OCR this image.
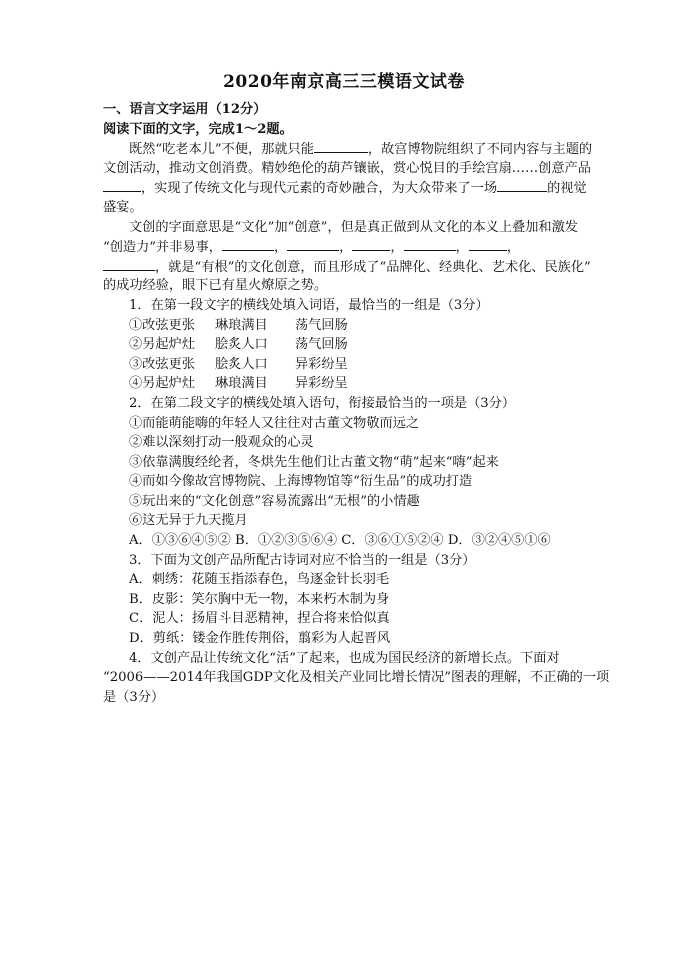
2020年南京高三三模语文试卷
一、语言文字运用（12分）
阅读下面的文字，完成1～2题。
既然“吃老本儿”不便，那就只能	，故宫博物院组织了不同内容与主题的
文创活动，推动文创消费。精妙绝伦的葫芦镶嵌，赏心悦目的手绘宫扇……创意产品
，实现了传统文化与现代元素的奇妙融合，为大众带来了一场	的视觉
盛宴。
文创的字面意思是“文化”加“创意”，但是真正做到从文化的本义上叠加和激发
“创造力”并非易事，	，	，	，	，	，
，就是“有根”的文化创意，而且形成了“品牌化、经典化、艺术化、民族化”
的成功经验，眼下已有星火燎原之势。
1．在第一段文字的横线处填入词语，最恰当的一组是（3分）
①改弦更张 琳琅满目 荡气回肠
②另起炉灶 脍炙人口 荡气回肠
③改弦更张 脍炙人口 异彩纷呈
④另起炉灶 琳琅满目 异彩纷呈
2．在第二段文字的横线处填入语句，衔接最恰当的一项是（3分）
①而能萌能嗨的年轻人又往往对古董文物敬而远之
②难以深刻打动一般观众的心灵
③依靠满腹经纶者，冬烘先生他们让古董文物“萌”起来“嗨”起来
④而如今像故宫博物院、上海博物馆等“衍生品”的成功打造
⑤玩出来的“文化创意”容易流露出“无根”的小情趣
⑥这无异于九天揽月
A．①③⑥④⑤② B．①②③⑤⑥④ C．③⑥①⑤②④ D．③②④⑤①⑥
3．下面为文创产品所配古诗词对应不恰当的一组是（3分）
A．刺绣：花随玉指添春色，鸟逐金针长羽毛
B．皮影：笑尔胸中无一物，本来朽木制为身
C．泥人：扬眉斗目恶精神，捏合将来恰似真
D．剪纸：镂金作胜传荆俗，翦彩为人起晋风
4．文创产品让传统文化“活”了起来，也成为国民经济的新增长点。下面对
“2006——2014年我国GDP文化及相关产业同比增长情况”图表的理解，不正确的一项
是（3分）
